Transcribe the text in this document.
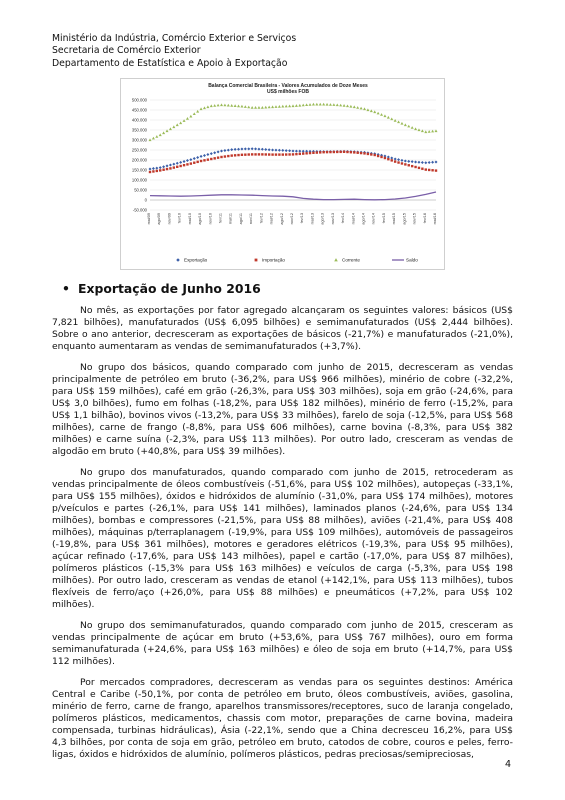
Ministério da Indústria, Comércio Exterior e Serviços
Secretaria de Comércio Exterior
Departamento de Estatística e Apoio à Exportação
Balança Comercial Brasileira - Valores Acumulados de Doze Meses
US$ milhões FOB
500.000
450.000
400.000
350.000
300.000
250.000
200.000
150.000
100.000
50.000
0
-50.000
mai/09 ago/09 nov/09 fev/10 mai/10 ago/10 nov/10 fev/11 mai/11 ago/11 nov/11 fev/12 mai/12 ago/12 nov/12 fev/13 mai/13 ago/13 nov/13 fev/14 mai/14 ago/14 nov/14 fev/15 mai/15 ago/15 nov/15 fev/16 mai/16
Exportação	Importação	Corrente	Saldo
• Exportação de Junho 2016

No mês, as exportações por fator agregado alcançaram os seguintes valores: básicos (US$ 7,821 bilhões), manufaturados (US$ 6,095 bilhões) e semimanufaturados (US$ 2,444 bilhões). Sobre o ano anterior, decresceram as exportações de básicos (-21,7%) e manufaturados (-21,0%), enquanto aumentaram as vendas de semimanufaturados (+3,7%).

No grupo dos básicos, quando comparado com junho de 2015, decresceram as vendas principalmente de petróleo em bruto (-36,2%, para US$ 966 milhões), minério de cobre (-32,2%, para US$ 159 milhões), café em grão (-26,3%, para US$ 303 milhões), soja em grão (-24,6%, para US$ 3,0 bilhões), fumo em folhas (-18,2%, para US$ 182 milhões), minério de ferro (-15,2%, para US$ 1,1 bilhão), bovinos vivos (-13,2%, para US$ 33 milhões), farelo de soja (-12,5%, para US$ 568 milhões), carne de frango (-8,8%, para US$ 606 milhões), carne bovina (-8,3%, para US$ 382 milhões) e carne suína (-2,3%, para US$ 113 milhões). Por outro lado, cresceram as vendas de algodão em bruto (+40,8%, para US$ 39 milhões).

No grupo dos manufaturados, quando comparado com junho de 2015, retrocederam as vendas principalmente de óleos combustíveis (-51,6%, para US$ 102 milhões), autopeças (-33,1%, para US$ 155 milhões), óxidos e hidróxidos de alumínio (-31,0%, para US$ 174 milhões), motores p/veículos e partes (-26,1%, para US$ 141 milhões), laminados planos (-24,6%, para US$ 134 milhões), bombas e compressores (-21,5%, para US$ 88 milhões), aviões (-21,4%, para US$ 408 milhões), máquinas p/terraplanagem (-19,9%, para US$ 109 milhões), automóveis de passageiros (-19,8%, para US$ 361 milhões), motores e geradores elétricos (-19,3%, para US$ 95 milhões), açúcar refinado (-17,6%, para US$ 143 milhões), papel e cartão (-17,0%, para US$ 87 milhões), polímeros plásticos (-15,3% para US$ 163 milhões) e veículos de carga (-5,3%, para US$ 198 milhões). Por outro lado, cresceram as vendas de etanol (+142,1%, para US$ 113 milhões), tubos flexíveis de ferro/aço (+26,0%, para US$ 88 milhões) e pneumáticos (+7,2%, para US$ 102 milhões).

No grupo dos semimanufaturados, quando comparado com junho de 2015, cresceram as vendas principalmente de açúcar em bruto (+53,6%, para US$ 767 milhões), ouro em forma semimanufaturada (+24,6%, para US$ 163 milhões) e óleo de soja em bruto (+14,7%, para US$ 112 milhões).

Por mercados compradores, decresceram as vendas para os seguintes destinos: América Central e Caribe (-50,1%, por conta de petróleo em bruto, óleos combustíveis, aviões, gasolina, minério de ferro, carne de frango, aparelhos transmissores/receptores, suco de laranja congelado, polímeros plásticos, medicamentos, chassis com motor, preparações de carne bovina, madeira compensada, turbinas hidráulicas), Ásia (-22,1%, sendo que a China decresceu 16,2%, para US$ 4,3 bilhões, por conta de soja em grão, petróleo em bruto, catodos de cobre, couros e peles, ferro-ligas, óxidos e hidróxidos de alumínio, polímeros plásticos, pedras preciosas/semipreciosas,

4
